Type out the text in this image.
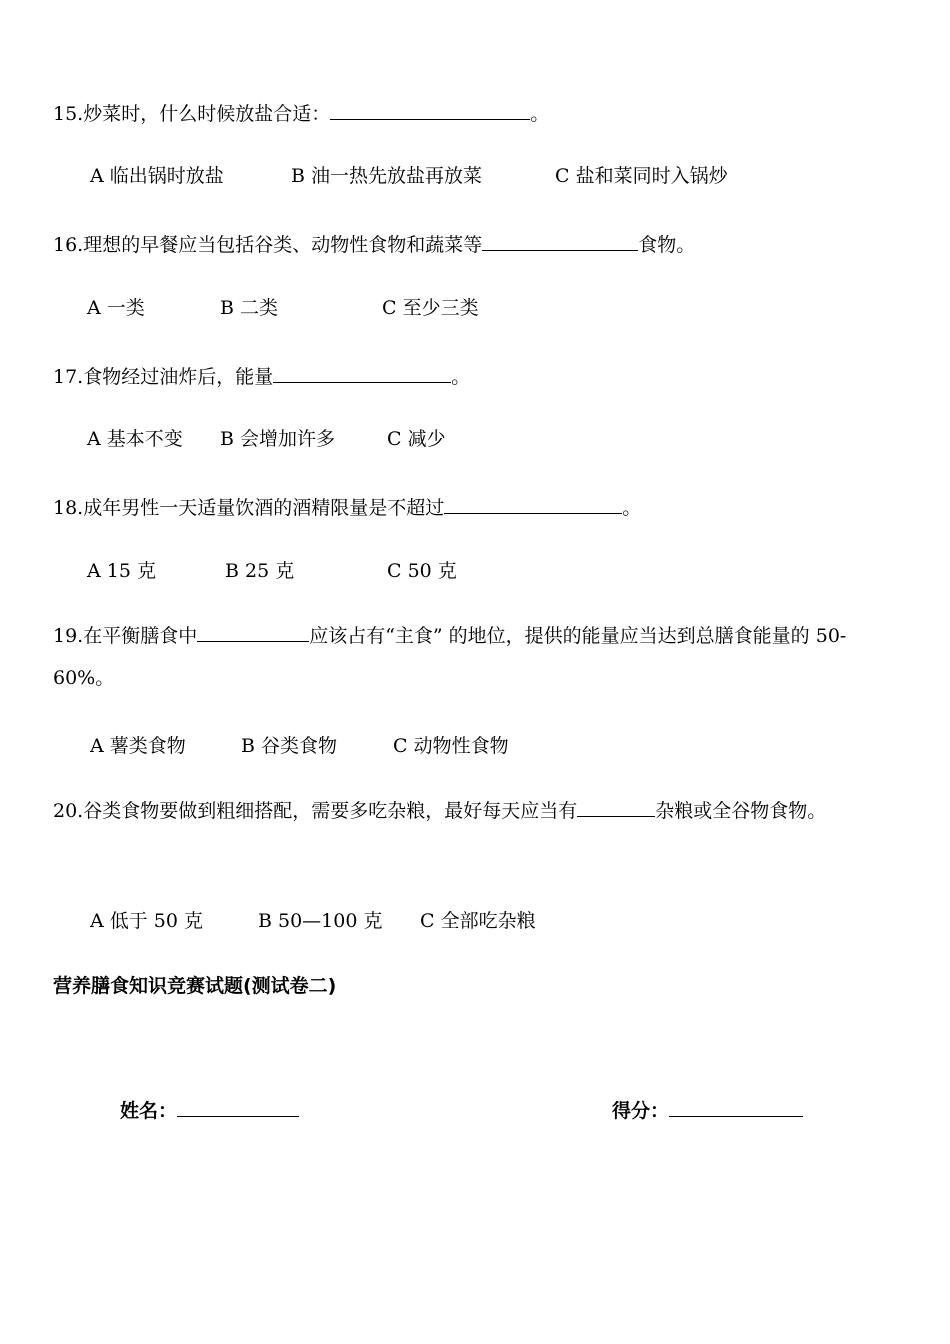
15.炒菜时，什么时候放盐合适：	。
A 临出锅时放盐	B 油一热先放盐再放菜	C 盐和菜同时入锅炒
16.理想的早餐应当包括谷类、动物性食物和蔬菜等	食物。
A 一类	B 二类	C 至少三类
17.食物经过油炸后，能量	。
A 基本不变 B 会增加许多	C 减少
18.成年男性一天适量饮酒的酒精限量是不超过	。
A 15 克	B 25 克	C 50 克
19.在平衡膳食中	应该占有“主食” 的地位，提供的能量应当达到总膳食能量的 50-60%。
A 薯类食物	B 谷类食物	C 动物性食物
20.谷类食物要做到粗细搭配，需要多吃杂粮，最好每天应当有	杂粮或全谷物食物。
A 低于 50 克	B 50—100 克 C 全部吃杂粮
营养膳食知识竞赛试题(测试卷二)
姓名：	得分：
